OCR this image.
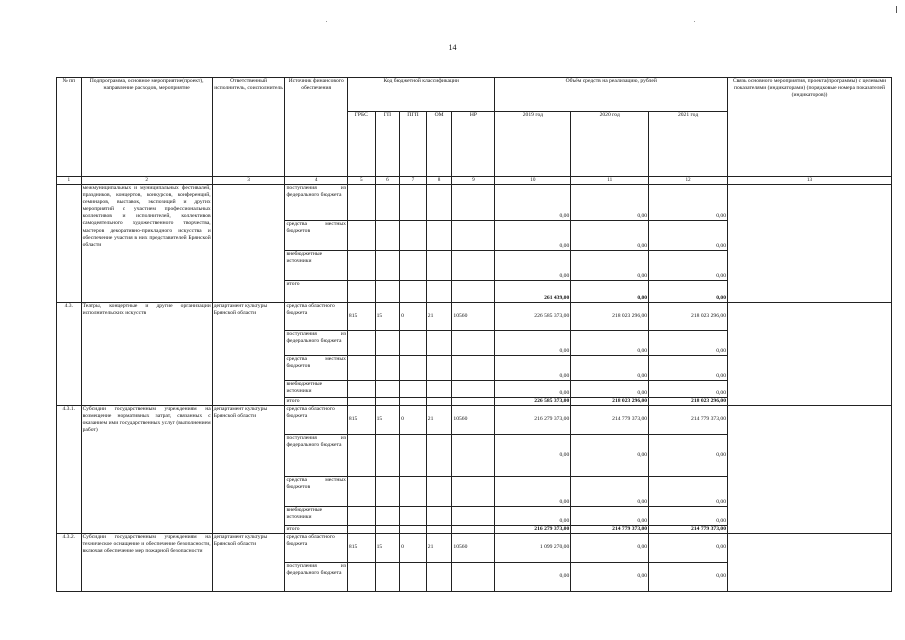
14
№ пп	Подпрограмма, основное мероприятие(проект), направление расходов, мероприятие	Ответственный исполнитель, соисполнитель	Источник финансового обеспечения	Код бюджетной классификации					Объём средств на реализацию, рублей			Связь основного мероприятия, проекта(программы) с целевыми показателями (индикаторами) (порядковые номера показателей (индикаторов))
				ГРБС	ГП	ПГП	ОМ	НР	2019 год	2020 год	2021 год	
1	2	3	4	5	6	7	8	9	10	11	12	13
	межмуниципальных и муниципальных фестивалей, праздников, концертов, конкурсов, конференций, семинаров, выставок, экспозиций и других мероприятий с участием профессиональных коллективов и исполнителей, коллективов самодеятельного художественного творчества, мастеров декоративно-прикладного искусства и обеспечение участия в них представителей Брянской области		поступления из федерального бюджета						0,00	0,00	0,00	
			средства местных бюджетов						0,00	0,00	0,00	
			внебюджетные источники						0,00	0,00	0,00	
			итого						261 439,00	0,00	0,00	
4.3.	Театры, концертные и другие организации исполнительских искусств	департамент культуры Брянской области	средства областного бюджета	815	15	0	21	10560	226 585 373,00	218 023 296,00	218 023 296,00	
			поступления из федерального бюджета						0,00	0,00	0,00	
			средства местных бюджетов						0,00	0,00	0,00	
			внебюджетные источники						0,00	0,00	0,00	
			итого						226 585 373,00	218 023 296,00	218 023 296,00	
4.3.1.	Субсидии государственным учреждениям на возмещение нормативных затрат, связанных с оказанием ими государственных услуг (выполнением работ)	департамент культуры Брянской области	средства областного бюджета	815	15	0	21	10560	216 279 373,00	214 779 373,00	214 779 373,00	
			поступления из федерального бюджета						0,00	0,00	0,00	
			средства местных бюджетов						0,00	0,00	0,00	
			внебюджетные источники						0,00	0,00	0,00	
			итого						216 279 373,00	214 779 373,00	214 779 373,00	
4.3.2.	Субсидии государственным учреждениям на техническое оснащение и обеспечение безопасности, включая обеспечение мер пожарной безопасности	департамент культуры Брянской области	средства областного бюджета	815	15	0	21	10560	1 099 270,00	0,00	0,00	
			поступления из федерального бюджета						0,00	0,00	0,00	
